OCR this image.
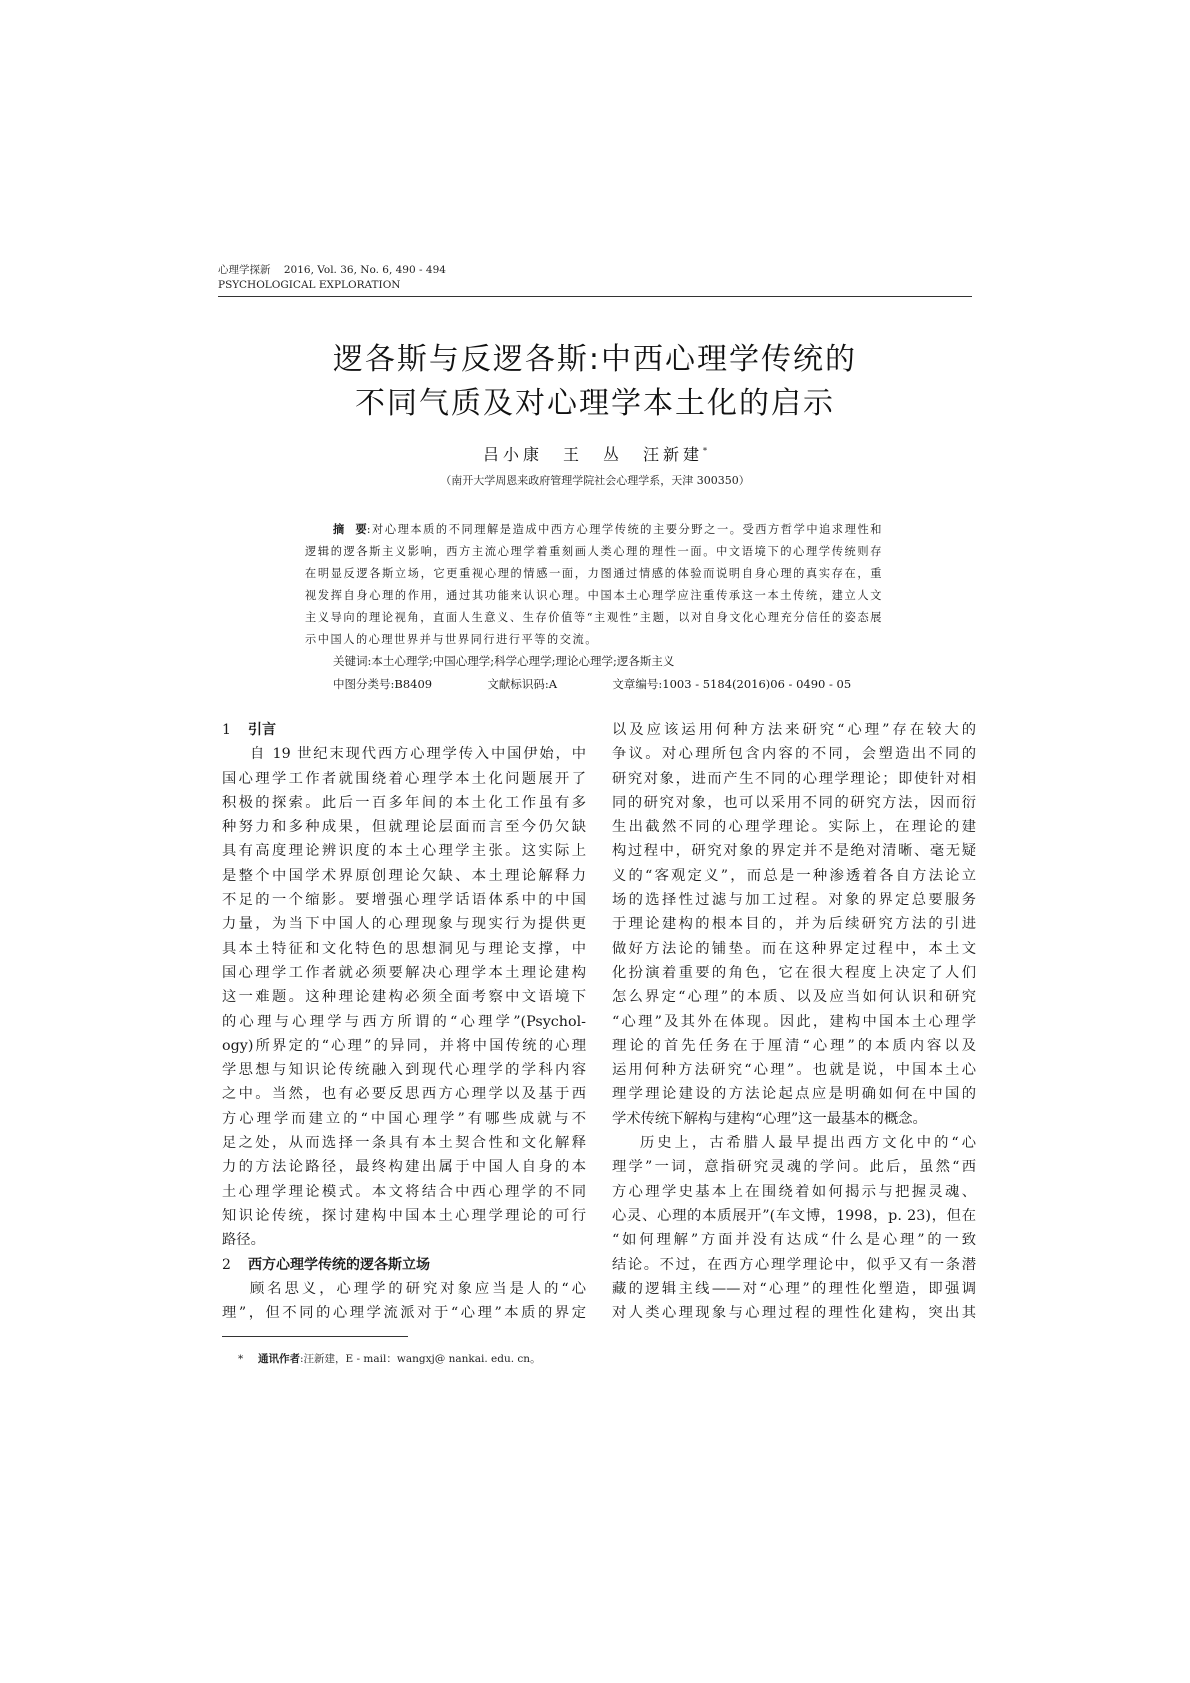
心理学探新 2016, Vol. 36, No. 6, 490 - 494
PSYCHOLOGICAL EXPLORATION
逻各斯与反逻各斯:中西心理学传统的
不同气质及对心理学本土化的启示
吕小康　王　丛　汪新建*
（南开大学周恩来政府管理学院社会心理学系，天津 300350）
摘　要:对心理本质的不同理解是造成中西方心理学传统的主要分野之一。受西方哲学中追求理性和逻辑的逻各斯主义影响，西方主流心理学着重刻画人类心理的理性一面。中文语境下的心理学传统则存在明显反逻各斯立场，它更重视心理的情感一面，力图通过情感的体验而说明自身心理的真实存在，重视发挥自身心理的作用，通过其功能来认识心理。中国本土心理学应注重传承这一本土传统，建立人文主义导向的理论视角，直面人生意义、生存价值等“主观性”主题，以对自身文化心理充分信任的姿态展示中国人的心理世界并与世界同行进行平等的交流。
关键词:本土心理学;中国心理学;科学心理学;理论心理学;逻各斯主义
中图分类号:B8409	文献标识码:A	文章编号:1003 - 5184(2016)06 - 0490 - 05

1 引言

自 19 世纪末现代西方心理学传入中国伊始，中

国心理学工作者就围绕着心理学本土化问题展开了

积极的探索。此后一百多年间的本土化工作虽有多

种努力和多种成果，但就理论层面而言至今仍欠缺

具有高度理论辨识度的本土心理学主张。这实际上

是整个中国学术界原创理论欠缺、本土理论解释力

不足的一个缩影。要增强心理学话语体系中的中国

力量，为当下中国人的心理现象与现实行为提供更

具本土特征和文化特色的思想洞见与理论支撑，中

国心理学工作者就必须要解决心理学本土理论建构

这一难题。这种理论建构必须全面考察中文语境下

的心理与心理学与西方所谓的“心理学”(Psychol-

ogy)所界定的“心理”的异同，并将中国传统的心理

学思想与知识论传统融入到现代心理学的学科内容

之中。当然，也有必要反思西方心理学以及基于西

方心理学而建立的“中国心理学”有哪些成就与不

足之处，从而选择一条具有本土契合性和文化解释

力的方法论路径，最终构建出属于中国人自身的本

土心理学理论模式。本文将结合中西心理学的不同

知识论传统，探讨建构中国本土心理学理论的可行

路径。

2 西方心理学传统的逻各斯立场

顾名思义，心理学的研究对象应当是人的“心

理”，但不同的心理学流派对于“心理”本质的界定

以及应该运用何种方法来研究“心理”存在较大的

争议。对心理所包含内容的不同，会塑造出不同的

研究对象，进而产生不同的心理学理论；即使针对相

同的研究对象，也可以采用不同的研究方法，因而衍

生出截然不同的心理学理论。实际上，在理论的建

构过程中，研究对象的界定并不是绝对清晰、毫无疑

义的“客观定义”，而总是一种渗透着各自方法论立

场的选择性过滤与加工过程。对象的界定总要服务

于理论建构的根本目的，并为后续研究方法的引进

做好方法论的铺垫。而在这种界定过程中，本土文

化扮演着重要的角色，它在很大程度上决定了人们

怎么界定“心理”的本质、以及应当如何认识和研究

“心理”及其外在体现。因此，建构中国本土心理学

理论的首先任务在于厘清“心理”的本质内容以及

运用何种方法研究“心理”。也就是说，中国本土心

理学理论建设的方法论起点应是明确如何在中国的

学术传统下解构与建构“心理”这一最基本的概念。

历史上，古希腊人最早提出西方文化中的“心

理学”一词，意指研究灵魂的学问。此后，虽然“西

方心理学史基本上在围绕着如何揭示与把握灵魂、

心灵、心理的本质展开”(车文博，1998，p. 23)，但在

“如何理解”方面并没有达成“什么是心理”的一致

结论。不过，在西方心理学理论中，似乎又有一条潜

藏的逻辑主线——对“心理”的理性化塑造，即强调

对人类心理现象与心理过程的理性化建构，突出其

* 通讯作者:汪新建，E - mail：wangxj@ nankai. edu. cn。
